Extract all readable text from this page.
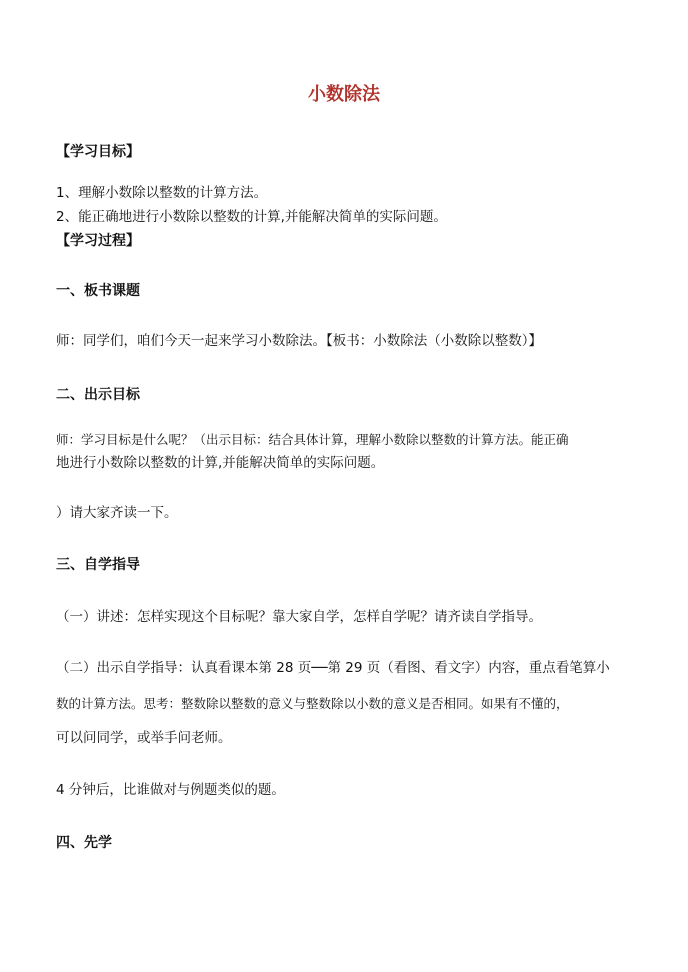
小数除法
【学习目标】
1、理解小数除以整数的计算方法。
2、能正确地进行小数除以整数的计算,并能解决简单的实际问题。
【学习过程】
一、板书课题
师：同学们，咱们今天一起来学习小数除法。【板书：小数除法（小数除以整数）】
二、出示目标
师：学习目标是什么呢？（出示目标：结合具体计算，理解小数除以整数的计算方法。能正确
地进行小数除以整数的计算,并能解决简单的实际问题。
）请大家齐读一下。
三、自学指导
（一）讲述：怎样实现这个目标呢？靠大家自学，怎样自学呢？请齐读自学指导。
（二）出示自学指导：认真看课本第 28 页──第 29 页（看图、看文字）内容，重点看笔算小
数的计算方法。思考：整数除以整数的意义与整数除以小数的意义是否相同。如果有不懂的，
可以问同学，或举手问老师。
4 分钟后，比谁做对与例题类似的题。
四、先学
